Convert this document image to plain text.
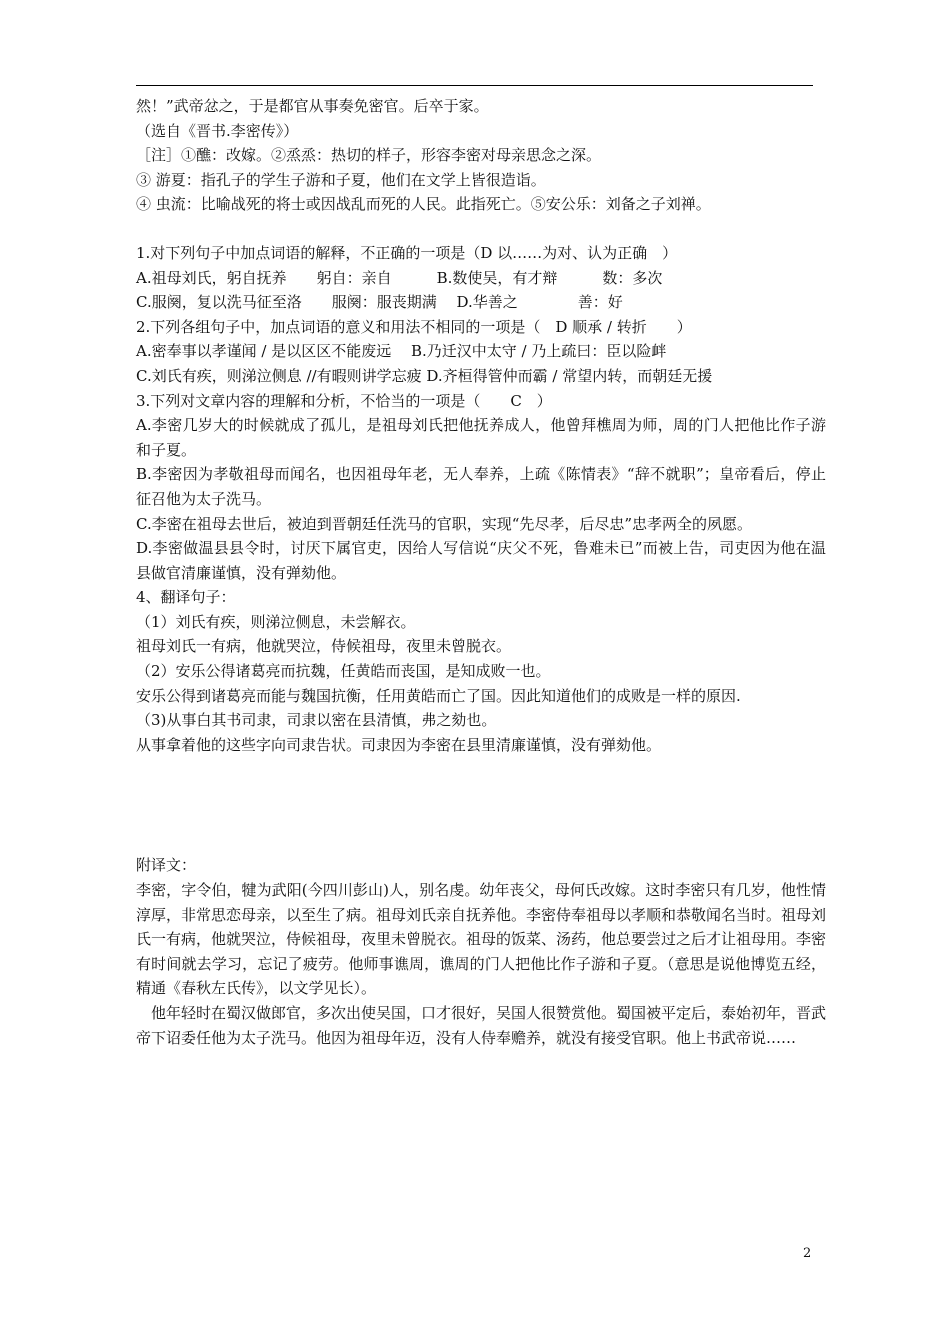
然！”武帝忿之，于是都官从事奏免密官。后卒于家。
（选自《晋书.李密传》）
［注］①醮：改嫁。②烝烝：热切的样子，形容李密对母亲思念之深。
③ 游夏：指孔子的学生子游和子夏，他们在文学上皆很造诣。
④ 虫流：比喻战死的将士或因战乱而死的人民。此指死亡。⑤安公乐：刘备之子刘禅。
1.对下列句子中加点词语的解释，不正确的一项是（D 以……为对、认为正确　）
A.祖母刘氏，躬自抚养　　躬自：亲自　　　B.数使吴，有才辩　　　数：多次
C.服阕，复以洗马征至洛　　服阕：服丧期满　 D.华善之　　　　善：好
2.下列各组句子中，加点词语的意义和用法不相同的一项是（　D 顺承 / 转折　　）
A.密奉事以孝谨闻 / 是以区区不能废远　 B.乃迁汉中太守 / 乃上疏曰：臣以险衅
C.刘氏有疾，则涕泣侧息 //有暇则讲学忘疲 D.齐桓得管仲而霸 / 常望内转，而朝廷无援
3.下列对文章内容的理解和分析，不恰当的一项是（　　C　）
A.李密几岁大的时候就成了孤儿，是祖母刘氏把他抚养成人，他曾拜樵周为师，周的门人把他比作子游和子夏。
B.李密因为孝敬祖母而闻名，也因祖母年老，无人奉养，上疏《陈情表》“辞不就职”；皇帝看后，停止征召他为太子洗马。
C.李密在祖母去世后，被迫到晋朝廷任洗马的官职，实现“先尽孝，后尽忠”忠孝两全的夙愿。
D.李密做温县县令时，讨厌下属官吏，因给人写信说“庆父不死，鲁难未已”而被上告，司吏因为他在温县做官清廉谨慎，没有弹劾他。
4、翻译句子：
（1）刘氏有疾，则涕泣侧息，未尝解衣。
祖母刘氏一有病，他就哭泣，侍候祖母，夜里未曾脱衣。
（2）安乐公得诸葛亮而抗魏，任黄皓而丧国，是知成败一也。
安乐公得到诸葛亮而能与魏国抗衡，任用黄皓而亡了国。因此知道他们的成败是一样的原因.
（3)从事白其书司隶，司隶以密在县清慎，弗之劾也。
从事拿着他的这些字向司隶告状。司隶因为李密在县里清廉谨慎，没有弹劾他。
附译文：
李密，字令伯，犍为武阳(今四川彭山)人，别名虔。幼年丧父，母何氏改嫁。这时李密只有几岁，他性情淳厚，非常思恋母亲，以至生了病。祖母刘氏亲自抚养他。李密侍奉祖母以孝顺和恭敬闻名当时。祖母刘氏一有病，他就哭泣，侍候祖母，夜里未曾脱衣。祖母的饭菜、汤药，他总要尝过之后才让祖母用。李密有时间就去学习，忘记了疲劳。他师事谯周，谯周的门人把他比作子游和子夏。（意思是说他博览五经，精通《春秋左氏传》，以文学见长）。
　他年轻时在蜀汉做郎官，多次出使吴国，口才很好，吴国人很赞赏他。蜀国被平定后，泰始初年，晋武帝下诏委任他为太子洗马。他因为祖母年迈，没有人侍奉赡养，就没有接受官职。他上书武帝说……
2
